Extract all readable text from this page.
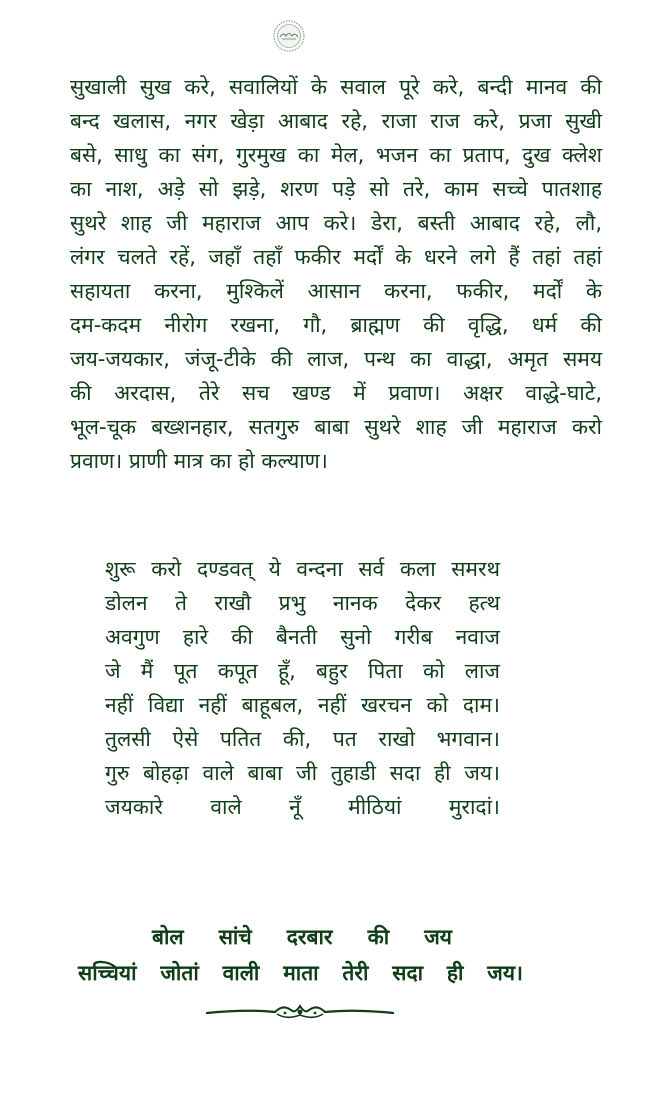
सुखाली सुख करे, सवालियों के सवाल पूरे करे, बन्दी मानव की
बन्द खलास, नगर खेड़ा आबाद रहे, राजा राज करे, प्रजा सुखी
बसे, साधु का संग, गुरमुख का मेल, भजन का प्रताप, दुख क्लेश
का नाश, अड़े सो झड़े, शरण पड़े सो तरे, काम सच्चे पातशाह
सुथरे शाह जी महाराज आप करे। डेरा, बस्ती आबाद रहे, लौ,
लंगर चलते रहें, जहाँ तहाँ फकीर मर्दों के धरने लगे हैं तहां तहां
सहायता करना, मुश्किलें आसान करना, फकीर, मर्दों के
दम-कदम नीरोग रखना, गौ, ब्राह्मण की वृद्धि, धर्म की
जय-जयकार, जंजू-टीके की लाज, पन्थ का वाद्धा, अमृत समय
की अरदास, तेरे सच खण्ड में प्रवाण। अक्षर वाद्धे-घाटे,
भूल-चूक बख्शनहार, सतगुरु बाबा सुथरे शाह जी महाराज करो
प्रवाण। प्राणी मात्र का हो कल्याण।
शुरू करो दण्डवत् ये वन्दना सर्व कला समरथ
डोलन ते राखौ प्रभु नानक देकर हत्थ
अवगुण हारे की बैनती सुनो गरीब नवाज
जे मैं पूत कपूत हूँ, बहुर पिता को लाज
नहीं विद्या नहीं बाहूबल, नहीं खरचन को दाम।
तुलसी ऐसे पतित की, पत राखो भगवान।
गुरु बोहढ़ा वाले बाबा जी तुहाडी सदा ही जय।
जयकारे वाले नूँ मीठियां मुरादां।
बोल सांचे दरबार की जय
सच्चियां जोतां वाली माता तेरी सदा ही जय।
